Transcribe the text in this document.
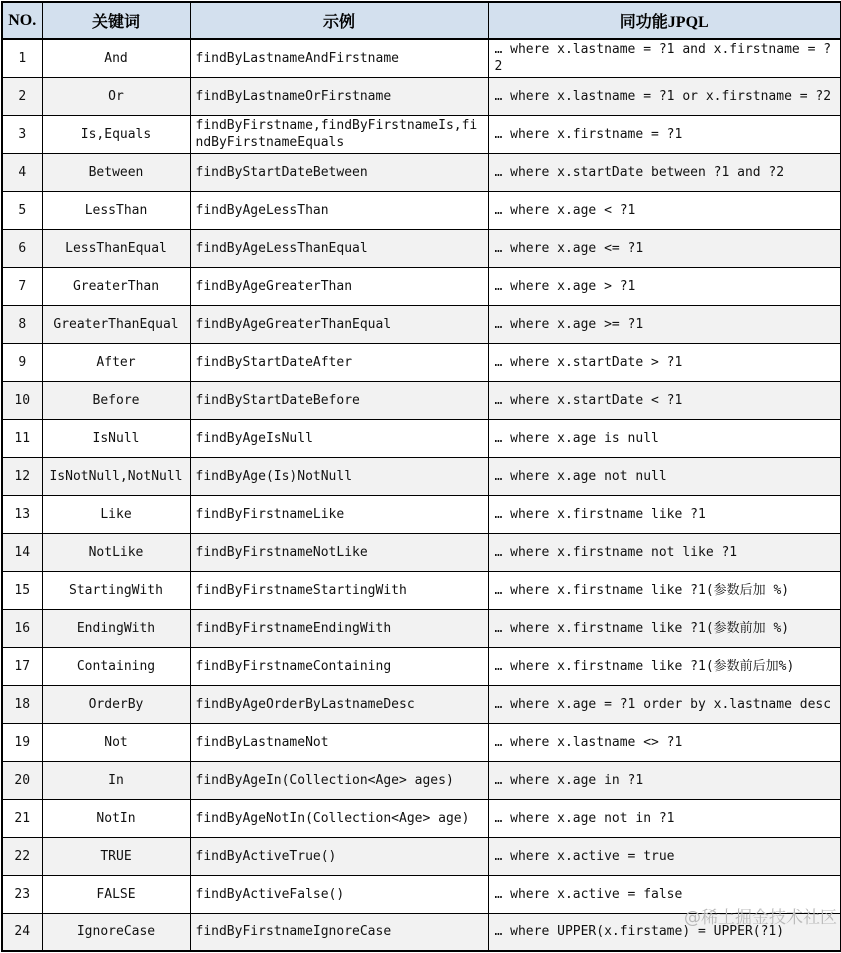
NO.	关键词	示例	同功能JPQL
1	And	findByLastnameAndFirstname	… where x.lastname = ?1 and x.firstname = ?2
2	Or	findByLastnameOrFirstname	… where x.lastname = ?1 or x.firstname = ?2
3	Is,Equals	findByFirstname,findByFirstnameIs,findByFirstnameEquals	… where x.firstname = ?1
4	Between	findByStartDateBetween	… where x.startDate between ?1 and ?2
5	LessThan	findByAgeLessThan	… where x.age < ?1
6	LessThanEqual	findByAgeLessThanEqual	… where x.age <= ?1
7	GreaterThan	findByAgeGreaterThan	… where x.age > ?1
8	GreaterThanEqual	findByAgeGreaterThanEqual	… where x.age >= ?1
9	After	findByStartDateAfter	… where x.startDate > ?1
10	Before	findByStartDateBefore	… where x.startDate < ?1
11	IsNull	findByAgeIsNull	… where x.age is null
12	IsNotNull,NotNull	findByAge(Is)NotNull	… where x.age not null
13	Like	findByFirstnameLike	… where x.firstname like ?1
14	NotLike	findByFirstnameNotLike	… where x.firstname not like ?1
15	StartingWith	findByFirstnameStartingWith	… where x.firstname like ?1(参数后加 %)
16	EndingWith	findByFirstnameEndingWith	… where x.firstname like ?1(参数前加 %)
17	Containing	findByFirstnameContaining	… where x.firstname like ?1(参数前后加%)
18	OrderBy	findByAgeOrderByLastnameDesc	… where x.age = ?1 order by x.lastname desc
19	Not	findByLastnameNot	… where x.lastname <> ?1
20	In	findByAgeIn(Collection<Age> ages)	… where x.age in ?1
21	NotIn	findByAgeNotIn(Collection<Age> age)	… where x.age not in ?1
22	TRUE	findByActiveTrue()	… where x.active = true
23	FALSE	findByActiveFalse()	… where x.active = false
24	IgnoreCase	findByFirstnameIgnoreCase	… where UPPER(x.firstame) = UPPER(?1)
@稀土掘金技术社区
